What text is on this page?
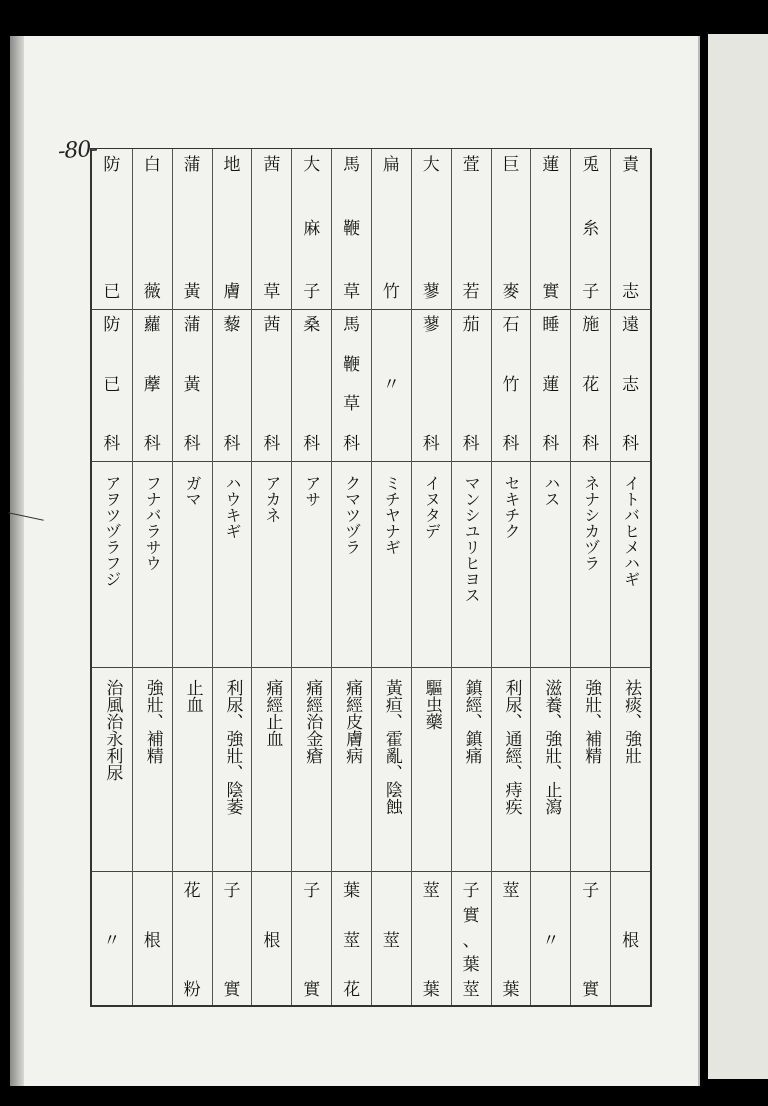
-80-
責
志
遠
志
科
イトバヒメハギ
祛痰、強壯
根
兎
糸
子
施
花
科
ネナシカヅラ
強壯、補精
子
實
蓮
實
睡
蓮
科
ハス
滋養、強壯、止瀉
〃
巨
麥
石
竹
科
セキチク
利尿、通經、痔疾
莖
葉
萓
若
茄
科
マンシユリヒヨス
鎮經、鎮痛
子
實
、
葉
莖
大
蓼
蓼
科
イヌタデ
驅虫藥
莖
葉
扁
竹
〃
ミチヤナギ
黃疸、霍亂、陰蝕
莖
馬
鞭
草
馬
鞭
草
科
クマツヅラ
痛經皮膚病
葉
莖
花
大
麻
子
桑
科
アサ
痛經治金瘡
子
實
茜
草
茜
科
アカネ
痛經止血
根
地
膚
藜
科
ハウキギ
利尿、強壯、陰萎
子
實
蒲
黃
蒲
黃
科
ガマ
止血
花
粉
白
薇
蘿
藦
科
フナバラサウ
強壯、補精
根
防
已
防
已
科
アヲツヅラフジ
治風治永利尿
〃
